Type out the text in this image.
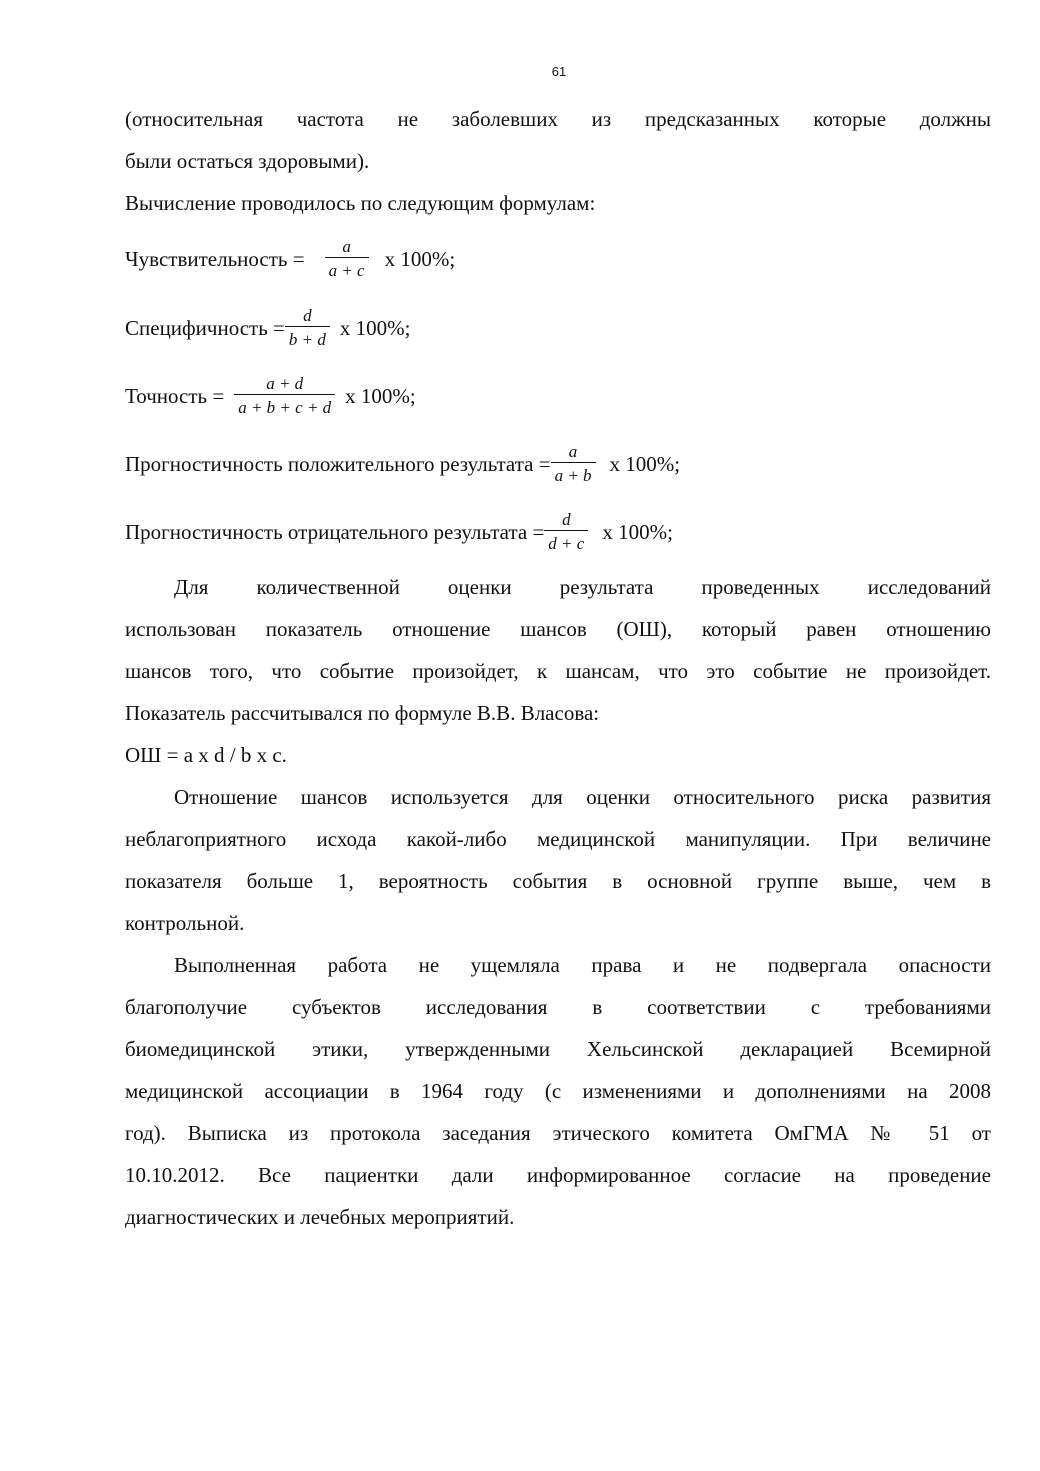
61
(относительная частота не заболевших из предсказанных которые должны
были остаться здоровыми).
Вычисление проводилось по следующим формулам:
Чувствительность = $\frac{a}{a + c}$ x 100%;
Специфичность = $\frac{d}{b + d}$ x 100%;
Точность = $\frac{a + d}{a + b + c + d}$ x 100%;
Прогностичность положительного результата = $\frac{a}{a + b}$ x 100%;
Прогностичность отрицательного результата = $\frac{d}{d + c}$ x 100%;
Для количественной оценки результата проведенных исследований
использован показатель отношение шансов (ОШ), который равен отношению
шансов того, что событие произойдет, к шансам, что это событие не произойдет.
Показатель рассчитывался по формуле В.В. Власова:
ОШ = a x d / b x c.
Отношение шансов используется для оценки относительного риска развития
неблагоприятного исхода какой-либо медицинской манипуляции. При величине
показателя больше 1, вероятность события в основной группе выше, чем в
контрольной.
Выполненная работа не ущемляла права и не подвергала опасности
благополучие субъектов исследования в соответствии с требованиями
биомедицинской этики, утвержденными Хельсинской декларацией Всемирной
медицинской ассоциации в 1964 году (с изменениями и дополнениями на 2008
год). Выписка из протокола заседания этического комитета ОмГМА № 51 от
10.10.2012. Все пациентки дали информированное согласие на проведение
диагностических и лечебных мероприятий.
